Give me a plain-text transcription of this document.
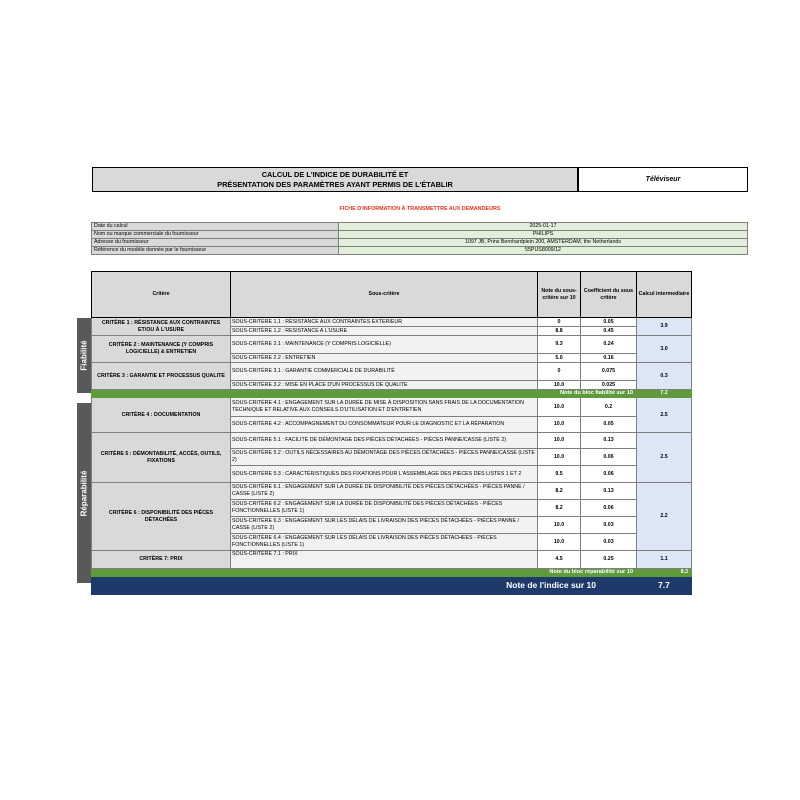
CALCUL DE L'INDICE DE DURABILITÉ ET
PRÉSENTATION DES PARAMÈTRES AYANT PERMIS DE L'ÉTABLIR	Téléviseur
FICHE D'INFORMATION À TRANSMETTRE AUX DEMANDEURS
Date du calcul	2025-01-17
Nom ou marque commerciale du fournisseur	PHILIPS
Adresse du fournisseur	1097 JB, Prins Bernhardplein 200, AMSTERDAM, the Netherlands
Référence du modèle donnée par le fournisseur	55PUS8009/12
Fiabilité
Réparabilité
Critère	Sous-critère	Note du sous-critère sur 10	Coefficient du sous critère	Calcul intermediaire
CRITÈRE 1 : RÉSISTANCE AUX CONTRAINTES ET/OU À L'USURE	SOUS-CRITÈRE 1.1 : RÉSISTANCE AUX CONTRAINTES EXTERIEUR	0	0.05	3.9
	SOUS-CRITÈRE 1.2 : RESISTANCE A L'USURE	8.8	0.45	
CRITÈRE 2 : MAINTENANCE (Y COMPRIS LOGICIELLE) & ENTRETIEN	SOUS-CRITÈRE 2.1 : MAINTENANCE (Y COMPRIS LOGICIELLE)	9.3	0.24	3.0
	SOUS-CRITÈRE 2.2 : ENTRETIEN	5.0	0.16	
CRITÈRE 3 : GARANTIE ET PROCESSUS QUALITE	SOUS-CRITÈRE 3.1 : GARANTIE COMMERCIALE DE DURABILITÉ	0	0.075	0.3
	SOUS-CRITÈRE 3.2 : MISE EN PLACE D'UN PROCESSUS DE QUALITE	10.0	0.025	
Note du bloc fiabilité sur 10				7.2
CRITÈRE 4 : DOCUMENTATION	SOUS-CRITÈRE 4.1 : ENGAGEMENT SUR LA DURÉE DE MISE À DISPOSITION SANS FRAIS DE LA DOCUMENTATION TECHNIQUE ET RELATIVE AUX CONSEILS D'UTILISATION ET D'ENTRETIEN	10.0	0.2	2.5
	SOUS-CRITÈRE 4.2 : ACCOMPAGNEMENT DU CONSOMMATEUR POUR LE DIAGNOSTIC ET LA RÉPARATION	10.0	0.05	
CRITÈRE 5 : DÉMONTABILITÉ, ACCÈS, OUTILS, FIXATIONS	SOUS-CRITÈRE 5.1 : FACILITÉ DE DÉMONTAGE DES PIÈCES DÉTACHÉES - PIÈCES PANNE/CASSE (LISTE 2)	10.0	0.13	2.5
	SOUS-CRITÈRE 5.2 : OUTILS NÉCESSAIRES AU DÉMONTAGE DES PIÈCES DÉTACHÉES - PIÈCES PANNE/CASSE (LISTE 2)	10.0	0.06	
	SOUS-CRITÈRE 5.3 : CARACTÉRISTIQUES DES FIXATIONS POUR L'ASSEMBLAGE DES PIÈCES DES LISTES 1 ET 2	9.5	0.06	
CRITÈRE 6 : DISPONIBILITÉ DES PIÈCES DÉTACHÉES	SOUS-CRITÈRE 6.1 : ENGAGEMENT SUR LA DURÉE DE DISPONIBILITÉ DES PIÈCES DÉTACHÉES - PIÈCES PANNE / CASSE (LISTE 2)	8.2	0.13	2.2
	SOUS-CRITÈRE 6.2 : ENGAGEMENT SUR LA DURÉE DE DISPONIBILITÉ DES PIÈCES DÉTACHÉES - PIÈCES FONCTIONNELLES (LISTE 1)	8.2	0.06	
	SOUS-CRITÈRE 6.3 : ENGAGEMENT SUR LES DÉLAIS DE LIVRAISON DES PIÈCES DÉTACHÉES - PIÈCES PANNE / CASSE (LISTE 2)	10.0	0.03	
	SOUS-CRITÈRE 6.4 : ENGAGEMENT SUR LES DÉLAIS DE LIVRAISON DES PIÈCES DÉTACHÉES - PIÈCES FONCTIONNELLES (LISTE 1)	10.0	0.03	
CRITÈRE 7: PRIX	SOUS-CRITÈRE 7.1 : PRIX	4.5	0.25	1.1
Note du bloc réparabilité sur 10				8.3
Note de l'indice sur 10				7.7
